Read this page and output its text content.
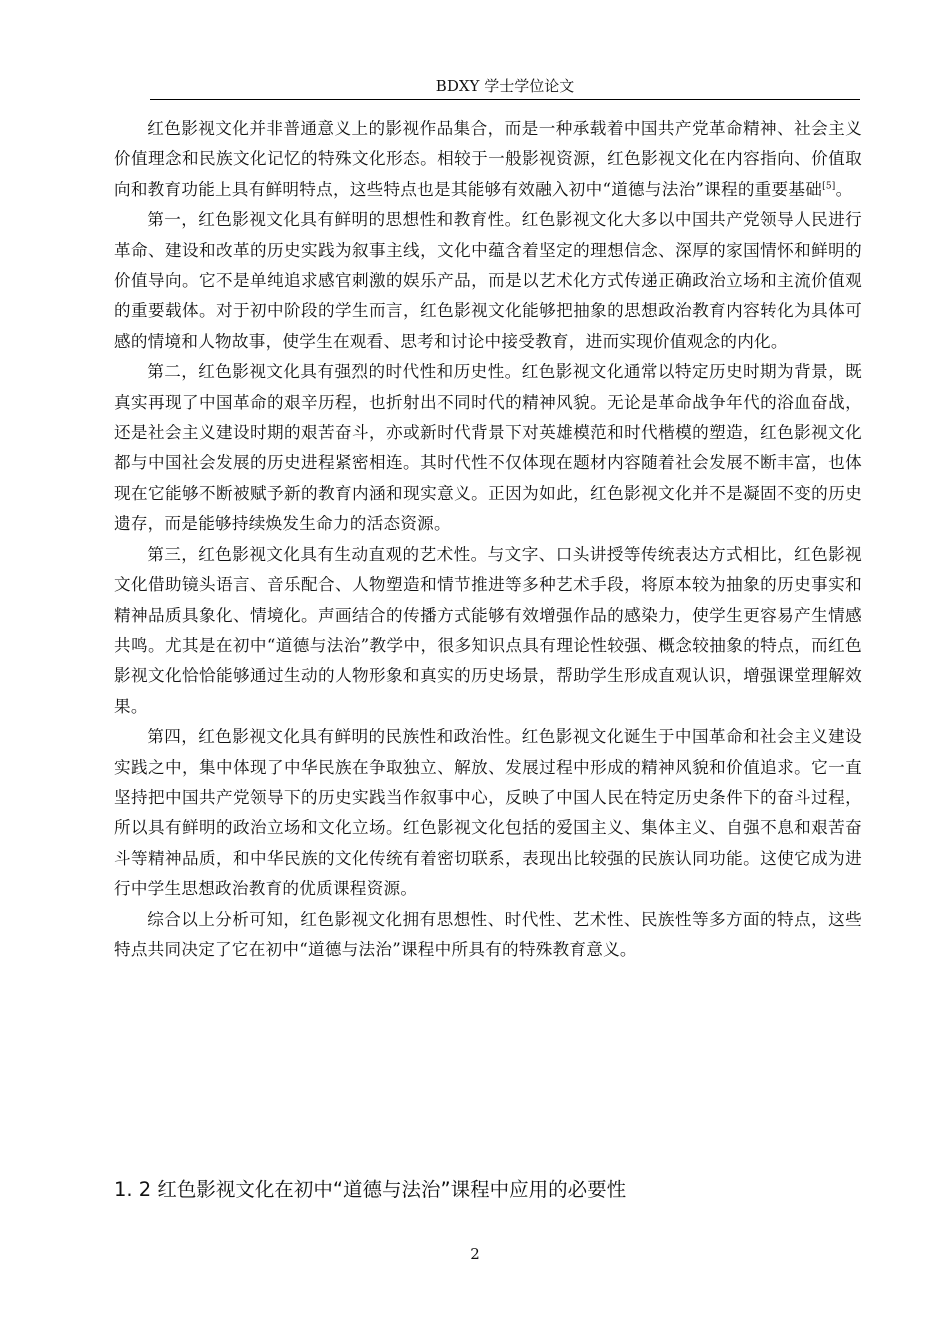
BDXY 学士学位论文

红色影视文化并非普通意义上的影视作品集合，而是一种承载着中国共产党革命精神、社会主义价值理念和民族文化记忆的特殊文化形态。相较于一般影视资源，红色影视文化在内容指向、价值取向和教育功能上具有鲜明特点，这些特点也是其能够有效融入初中“道德与法治”课程的重要基础[5]。

第一，红色影视文化具有鲜明的思想性和教育性。红色影视文化大多以中国共产党领导人民进行革命、建设和改革的历史实践为叙事主线，文化中蕴含着坚定的理想信念、深厚的家国情怀和鲜明的价值导向。它不是单纯追求感官刺激的娱乐产品，而是以艺术化方式传递正确政治立场和主流价值观的重要载体。对于初中阶段的学生而言，红色影视文化能够把抽象的思想政治教育内容转化为具体可感的情境和人物故事，使学生在观看、思考和讨论中接受教育，进而实现价值观念的内化。

第二，红色影视文化具有强烈的时代性和历史性。红色影视文化通常以特定历史时期为背景，既真实再现了中国革命的艰辛历程，也折射出不同时代的精神风貌。无论是革命战争年代的浴血奋战，还是社会主义建设时期的艰苦奋斗，亦或新时代背景下对英雄模范和时代楷模的塑造，红色影视文化都与中国社会发展的历史进程紧密相连。其时代性不仅体现在题材内容随着社会发展不断丰富，也体现在它能够不断被赋予新的教育内涵和现实意义。正因为如此，红色影视文化并不是凝固不变的历史遗存，而是能够持续焕发生命力的活态资源。

第三，红色影视文化具有生动直观的艺术性。与文字、口头讲授等传统表达方式相比，红色影视文化借助镜头语言、音乐配合、人物塑造和情节推进等多种艺术手段，将原本较为抽象的历史事实和精神品质具象化、情境化。声画结合的传播方式能够有效增强作品的感染力，使学生更容易产生情感共鸣。尤其是在初中“道德与法治”教学中，很多知识点具有理论性较强、概念较抽象的特点，而红色影视文化恰恰能够通过生动的人物形象和真实的历史场景，帮助学生形成直观认识，增强课堂理解效果。

第四，红色影视文化具有鲜明的民族性和政治性。红色影视文化诞生于中国革命和社会主义建设实践之中，集中体现了中华民族在争取独立、解放、发展过程中形成的精神风貌和价值追求。它一直坚持把中国共产党领导下的历史实践当作叙事中心，反映了中国人民在特定历史条件下的奋斗过程，所以具有鲜明的政治立场和文化立场。红色影视文化包括的爱国主义、集体主义、自强不息和艰苦奋斗等精神品质，和中华民族的文化传统有着密切联系，表现出比较强的民族认同功能。这使它成为进行中学生思想政治教育的优质课程资源。

综合以上分析可知，红色影视文化拥有思想性、时代性、艺术性、民族性等多方面的特点，这些特点共同决定了它在初中“道德与法治”课程中所具有的特殊教育意义。

1. 2 红色影视文化在初中“道德与法治”课程中应用的必要性
2
